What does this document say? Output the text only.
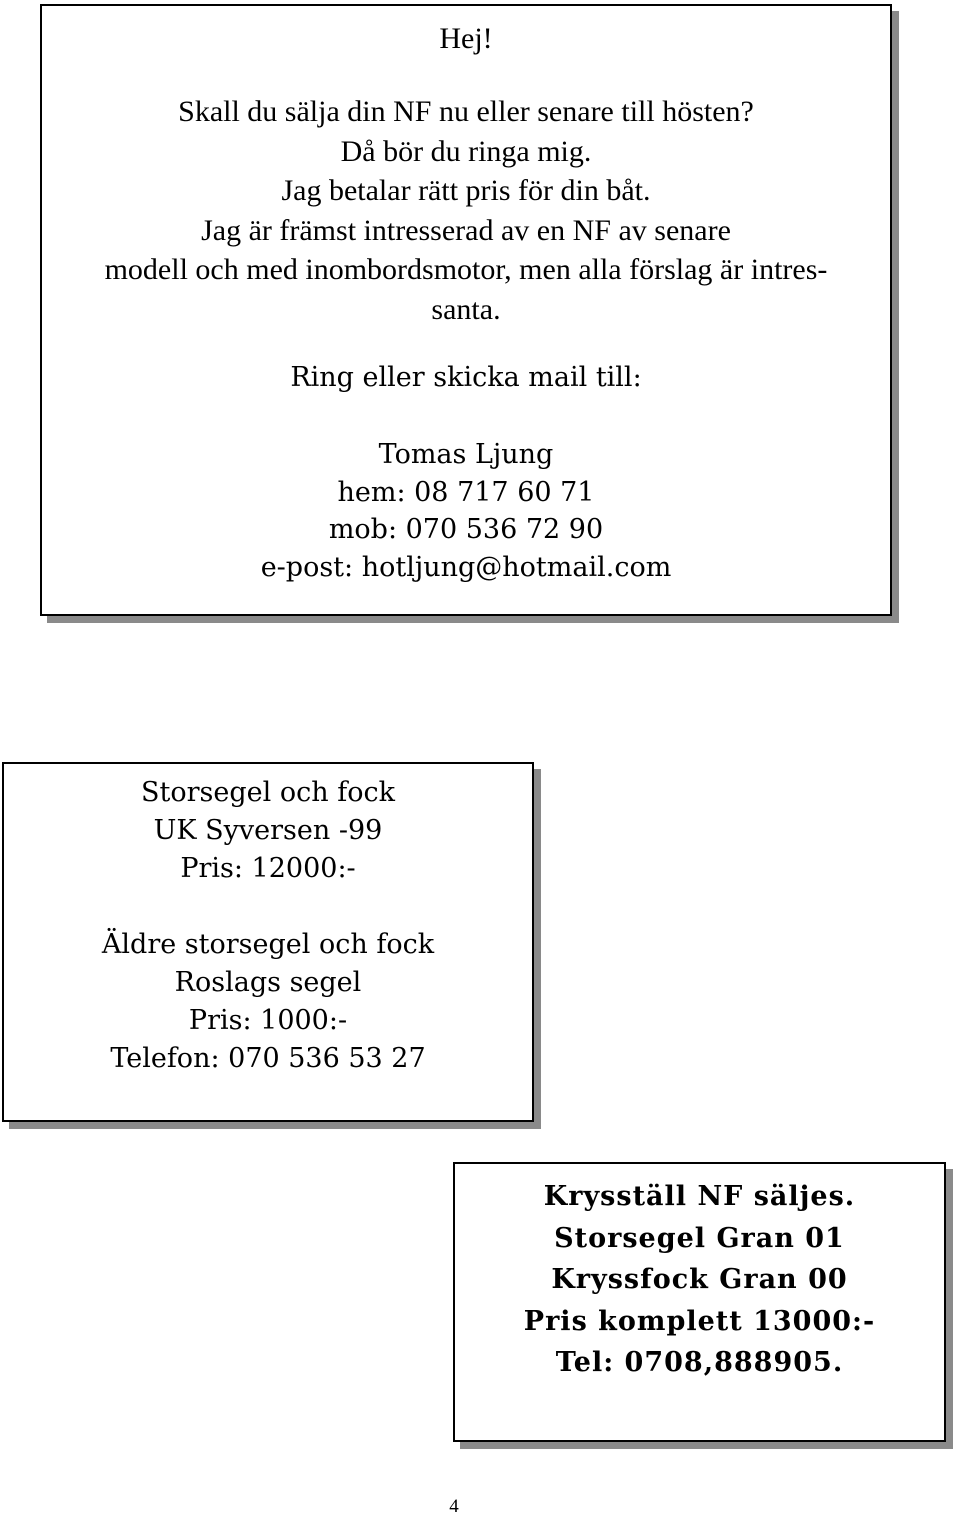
Hej!
Skall du sälja din NF nu eller senare till hösten?
Då bör du ringa mig.
Jag betalar rätt pris för din båt.
Jag är främst intresserad av en NF av senare
modell och med inombordsmotor, men alla förslag är intres-
santa.
Ring eller skicka mail till:
Tomas Ljung
hem: 08 717 60 71
mob: 070 536 72 90
e-post: hotljung@hotmail.com
Storsegel och fock
UK Syversen -99
Pris: 12000:-
Äldre storsegel och fock
Roslags segel
Pris: 1000:-
Telefon: 070 536 53 27
Krysställ NF säljes.
Storsegel Gran 01
Kryssfock Gran 00
Pris komplett 13000:-
Tel: 0708,888905.
4
